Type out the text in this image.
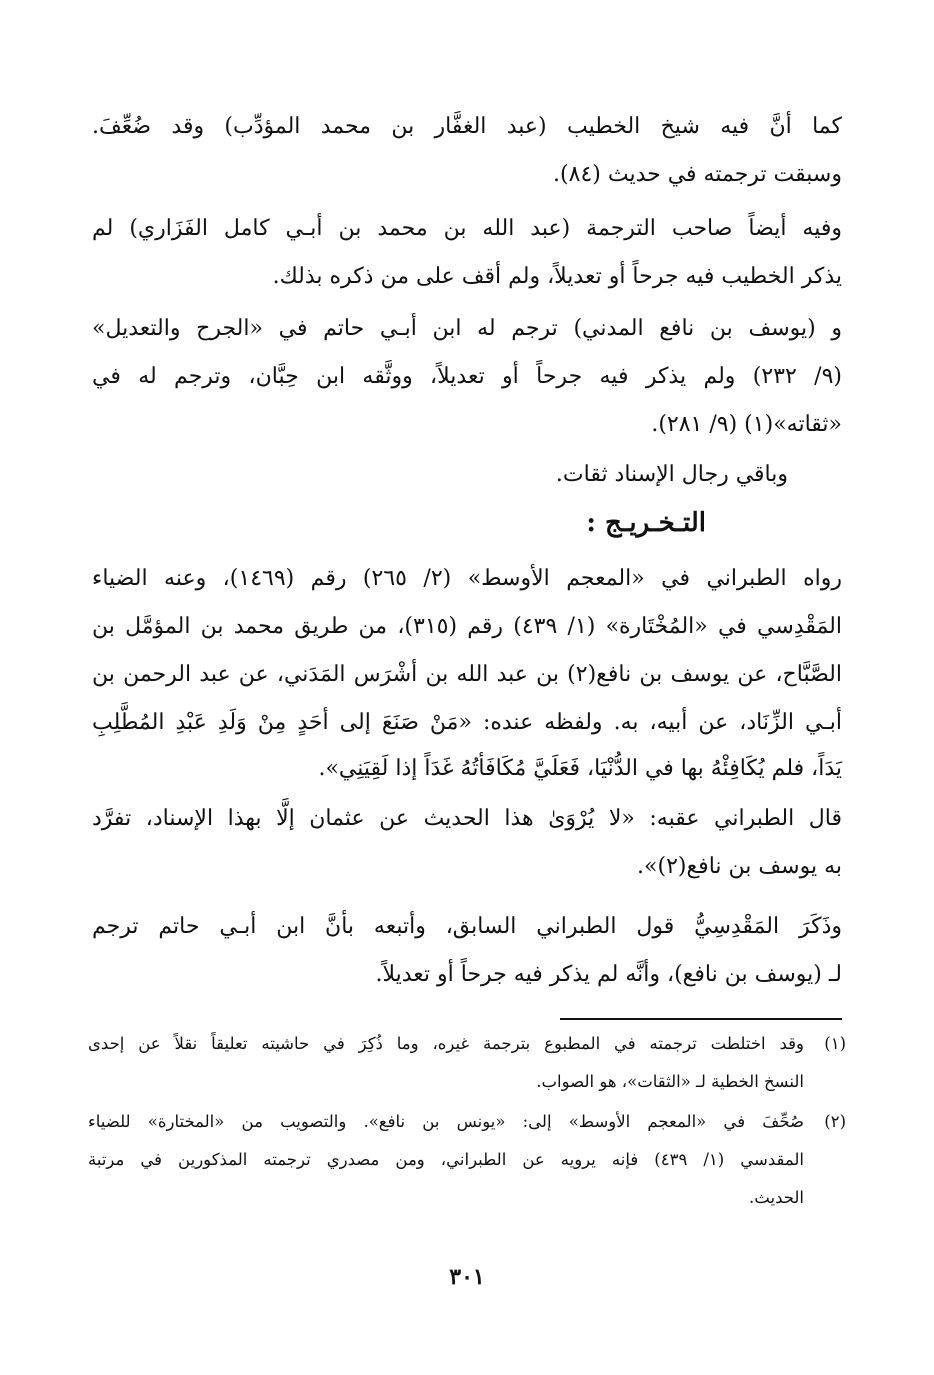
كما أنَّ فيه شيخ الخطيب (عبد الغفَّار بن محمد المؤدِّب) وقد ضُعِّفَ.
وسبقت ترجمته في حديث (٨٤).
وفيه أيضاً صاحب الترجمة (عبد الله بن محمد بن أبـي كامل الفَزَاري) لم
يذكر الخطيب فيه جرحاً أو تعديلاً، ولم أقف على من ذكره بذلك.
و (يوسف بن نافع المدني) ترجم له ابن أبـي حاتم في «الجرح والتعديل»
(٩/ ٢٣٢) ولم يذكر فيه جرحاً أو تعديلاً، ووثَّقه ابن حِبَّان، وترجم له في
«ثقاته»(١) (٩/ ٢٨١).
وباقي رجال الإسناد ثقات.
التـخـريـج :
رواه الطبراني في «المعجم الأوسط» (٢/ ٢٦٥) رقم (١٤٦٩)، وعنه الضياء
المَقْدِسي في «المُخْتَارة» (١/ ٤٣٩) رقم (٣١٥)، من طريق محمد بن المؤمَّل بن
الصَّبَّاح، عن يوسف بن نافع(٢) بن عبد الله بن أشْرَس المَدَني، عن عبد الرحمن بن
أبـي الزِّنَاد، عن أبيه، به. ولفظه عنده: «مَنْ صَنَعَ إلى أحَدٍ مِنْ وَلَدِ عَبْدِ المُطَّلِبِ
يَدَاً، فلم يُكَافِئْهُ بها في الدُّنْيَا، فَعَلَيَّ مُكَافَأتُهُ غَدَاً إذا لَقِيَنِي».
قال الطبراني عقبه: «لا يُرْوَىٰ هذا الحديث عن عثمان إلَّا بهذا الإسناد، تفرَّد
به يوسف بن نافع(٢)».
وذَكَرَ المَقْدِسِيُّ قول الطبراني السابق، وأتبعه بأنَّ ابن أبـي حاتم ترجم
لـ (يوسف بن نافع)، وأنَّه لم يذكر فيه جرحاً أو تعديلاً.
(١)
وقد اختلطت ترجمته في المطبوع بترجمة غيره، وما ذُكِرَ في حاشيته تعليقاً نقلاً عن إحدى
النسخ الخطية لـ «الثقات»، هو الصواب.
(٢)
صُحِّفَ في «المعجم الأوسط» إلى: «يونس بن نافع». والتصويب من «المختارة» للضياء
المقدسي (١/ ٤٣٩) فإنه يرويه عن الطبراني، ومن مصدري ترجمته المذكورين في مرتبة
الحديث.
٣٠١
